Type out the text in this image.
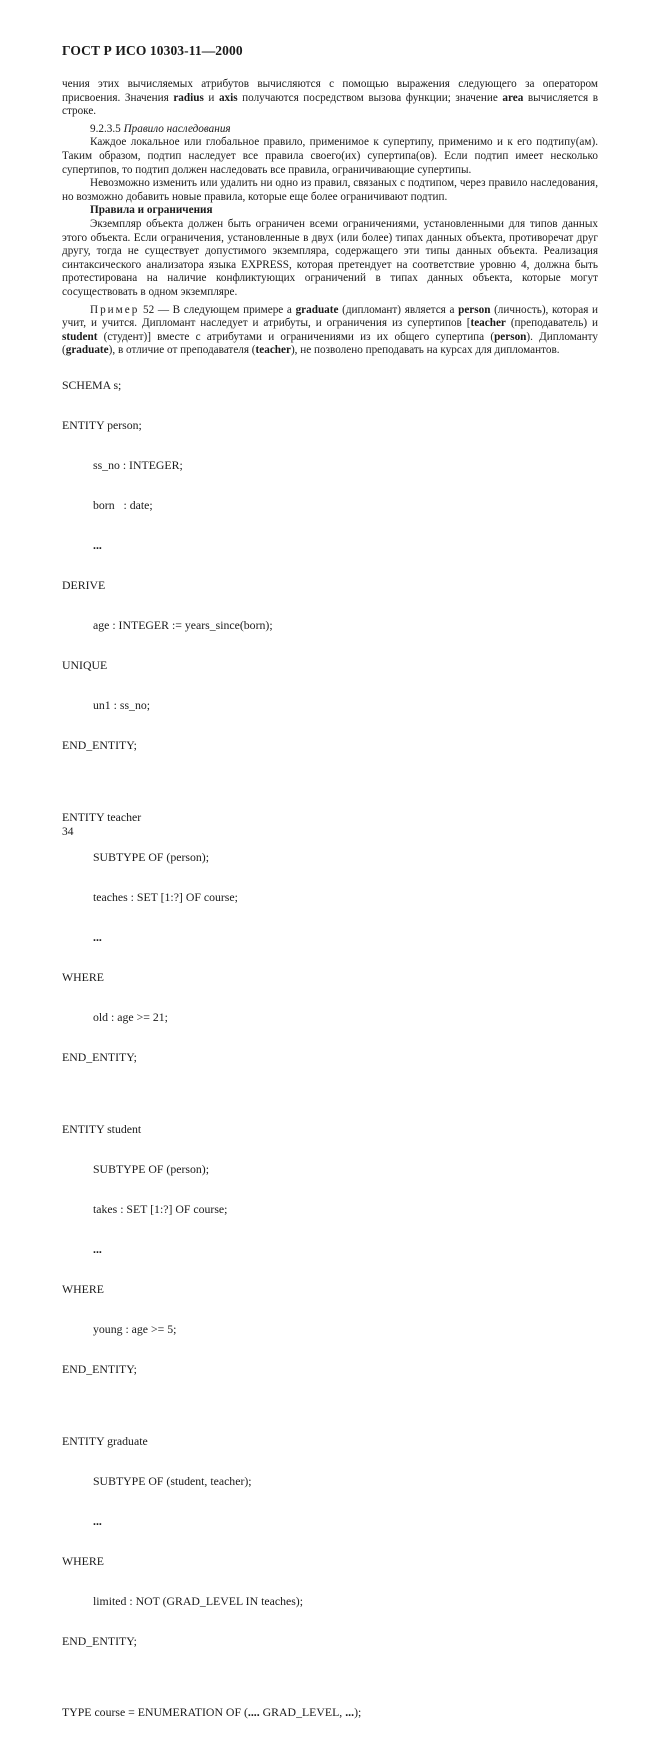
ГОСТ Р ИСО 10303-11—2000

чения этих вычисляемых атрибутов вычисляются с помощью выражения следующего за оператором присвоения. Значения radius и axis получаются посредством вызова функции; значение area вычисляется в строке.

9.2.3.5 Правило наследования

Каждое локальное или глобальное правило, применимое к супертипу, применимо и к его подтипу(ам). Таким образом, подтип наследует все правила своего(их) супертипа(ов). Если подтип имеет несколько супертипов, то подтип должен наследовать все правила, ограничивающие супертипы.

Невозможно изменить или удалить ни одно из правил, связаных с подтипом, через правило наследования, но возможно добавить новые правила, которые еще более ограничивают подтип.

Правила и ограничения

Экземпляр объекта должен быть ограничен всеми ограничениями, установленными для типов данных этого объекта. Если ограничения, установленные в двух (или более) типах данных объекта, противоречат друг другу, тогда не существует допустимого экземпляра, содержащего эти типы данных объекта. Реализация синтаксического анализатора языка EXPRESS, которая претендует на соответствие уровню 4, должна быть протестирована на наличие конфликтующих ограничений в типах данных объекта, которые могут сосуществовать в одном экземпляре.

Пример 52 — В следующем примере a graduate (дипломант) является a person (личность), которая и учит, и учится. Дипломант наследует и атрибуты, и ограничения из супертипов [teacher (преподаватель) и student (студент)] вместе с атрибутами и ограничениями из их общего супертипа (person). Дипломанту (graduate), в отличие от преподавателя (teacher), не позволено преподавать на курсах для дипломантов.

SCHEMA s;

ENTITY person;

ss_no : INTEGER;

born   : date;

...

DERIVE

age : INTEGER := years_since(born);

UNIQUE

un1 : ss_no;

END_ENTITY;

ENTITY teacher

SUBTYPE OF (person);

teaches : SET [1:?] OF course;

...

WHERE

old : age >= 21;

END_ENTITY;

ENTITY student

SUBTYPE OF (person);

takes : SET [1:?] OF course;

...

WHERE

young : age >= 5;

END_ENTITY;

ENTITY graduate

SUBTYPE OF (student, teacher);

...

WHERE

limited : NOT (GRAD_LEVEL IN teaches);

END_ENTITY;

TYPE course = ENUMERATION OF (.... GRAD_LEVEL, ...);

34
